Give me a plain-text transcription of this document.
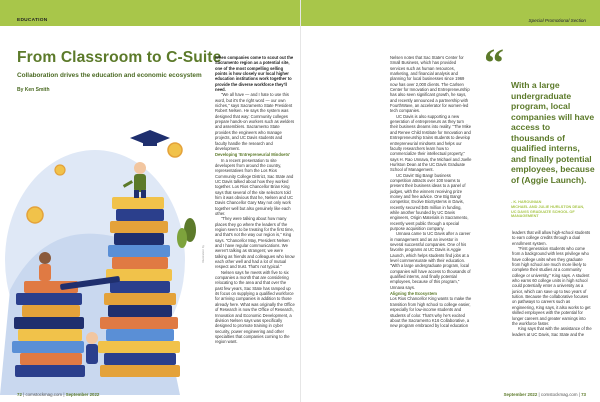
EDUCATION
From Classroom to C-Suite
Collaboration drives the education and economic ecosystem
By Ken Smith
Illustration by

When companies come to scout out the Sacramento region as a potential site, one of the most compelling selling points is how closely our local higher education institutions work together to provide the diverse workforce they'll need.

"We all have — and I hate to use this word, but it's the right word — our own niches," says Sacramento State President Robert Nelsen. He says the system was designed that way: Community colleges prepare hands-on workers such as welders and assemblers. Sacramento State provides the engineers who manage projects, and UC Davis students and faculty handle the research and development.

Developing 'Entrepreneurial Mindsets'

In a recent presentation to site developers from around the country, representatives from the Los Rios Community College District, Sac State and UC Davis talked about how they worked together. Los Rios Chancellor Brian King says that several of the site selectors told him it was obvious that he, Nelsen and UC Davis Chancellor Gary May not only work together well but also genuinely like each other.

"They were talking about how many places they go where the leaders of the region seem to be treating for the first time, and that's not the way our region is," King says. "Chancellor May, President Nelsen and I have regular communications. We weren't talking as strangers; we were talking as friends and colleagues who know each other well and had a lot of mutual respect and trust. That's not typical."

Nelsen says he meets with five to six companies a month that are considering relocating to the area and that over the past few years, Sac State has ramped up its focus on supplying a qualified workforce for arriving companies in addition to those already here. What was originally the Office of Research is now the Office of Research, Innovation and Economic Development, a division Nelsen says was specifically designed to promote training in cyber security, power engineering and other specialties that companies coming to the region want.

72 | comstockmag.com | September 2022
Special Promotional Section
September 2022 | comstockmag.com | 73

Nelsen notes that Sac State's Center for Small Business, which has provided services such as human resources, marketing, and financial analysis and planning for local businesses since 1969 now has over 2,000 clients. The Carlsen Center for Innovation and Entrepreneurship has also seen significant growth, he says, and recently announced a partnership with FourthWave, an accelerator for women-led tech companies.

UC Davis is also supporting a new generation of entrepreneurs as they turn their business dreams into reality. "The Mike and Renee Child Institute for Innovation and Entrepreneurship trains students to develop entrepreneurial mindsets and helps our faculty researchers learn how to commercialize their intellectual property," says H. Rao Unnava, the Michael and Joelle Hurlston Dean at the UC Davis Graduate School of Management.

UC Davis' Big Bang! business competition attracts over 100 teams to present their business ideas to a panel of judges, with the winners receiving prize money and free advice. One Big Bang! competitor, Evolve BioSystems in Davis, recently secured $45 million in funding, while another founded by UC Davis engineers, Origin Materials in Sacramento, recently went public through a special purpose acquisition company.

Unnava came to UC Davis after a career in management and as an investor in several successful companies. One of his favorite programs at UC Davis is Aggie Launch, which helps students find jobs at a level commensurate with their education. "With a large undergraduate program, local companies will have access to thousands of qualified interns, and finally potential employees, because of this program," Unnava says.

Aligning the Ecosystem

Los Rios Chancellor King wants to make the transition from high school to college easier, especially for low-income students and students of color. That's why he's excited about the Sacramento K16 Collaborative, a new program embraced by local education

leaders that will allow high-school students to earn college credits through a dual enrollment system.

"First generation students who come from a background with less privilege who have college units when they graduate from high school are much more likely to complete their studies at a community college or university," King says. A student who earns 60 college units in high school could potentially enter a university as a junior, which can save up to two years of tuition. Because the collaborative focuses on pathways to careers such as engineering, King says, it also works to get skilled employees with the potential for longer careers and greater earnings into the workforce faster.

King says that with the assistance of the leaders at UC Davis, Sac State and the

“ With a large undergraduate program, local companies will have access to thousands of qualified interns, and finally potential employees, because of (Aggie Launch).
- K. HAROUNIAN
MICHAEL AND JULIE HURLSTON DEAN,
UC DAVIS GRADUATE SCHOOL OF MANAGEMENT
